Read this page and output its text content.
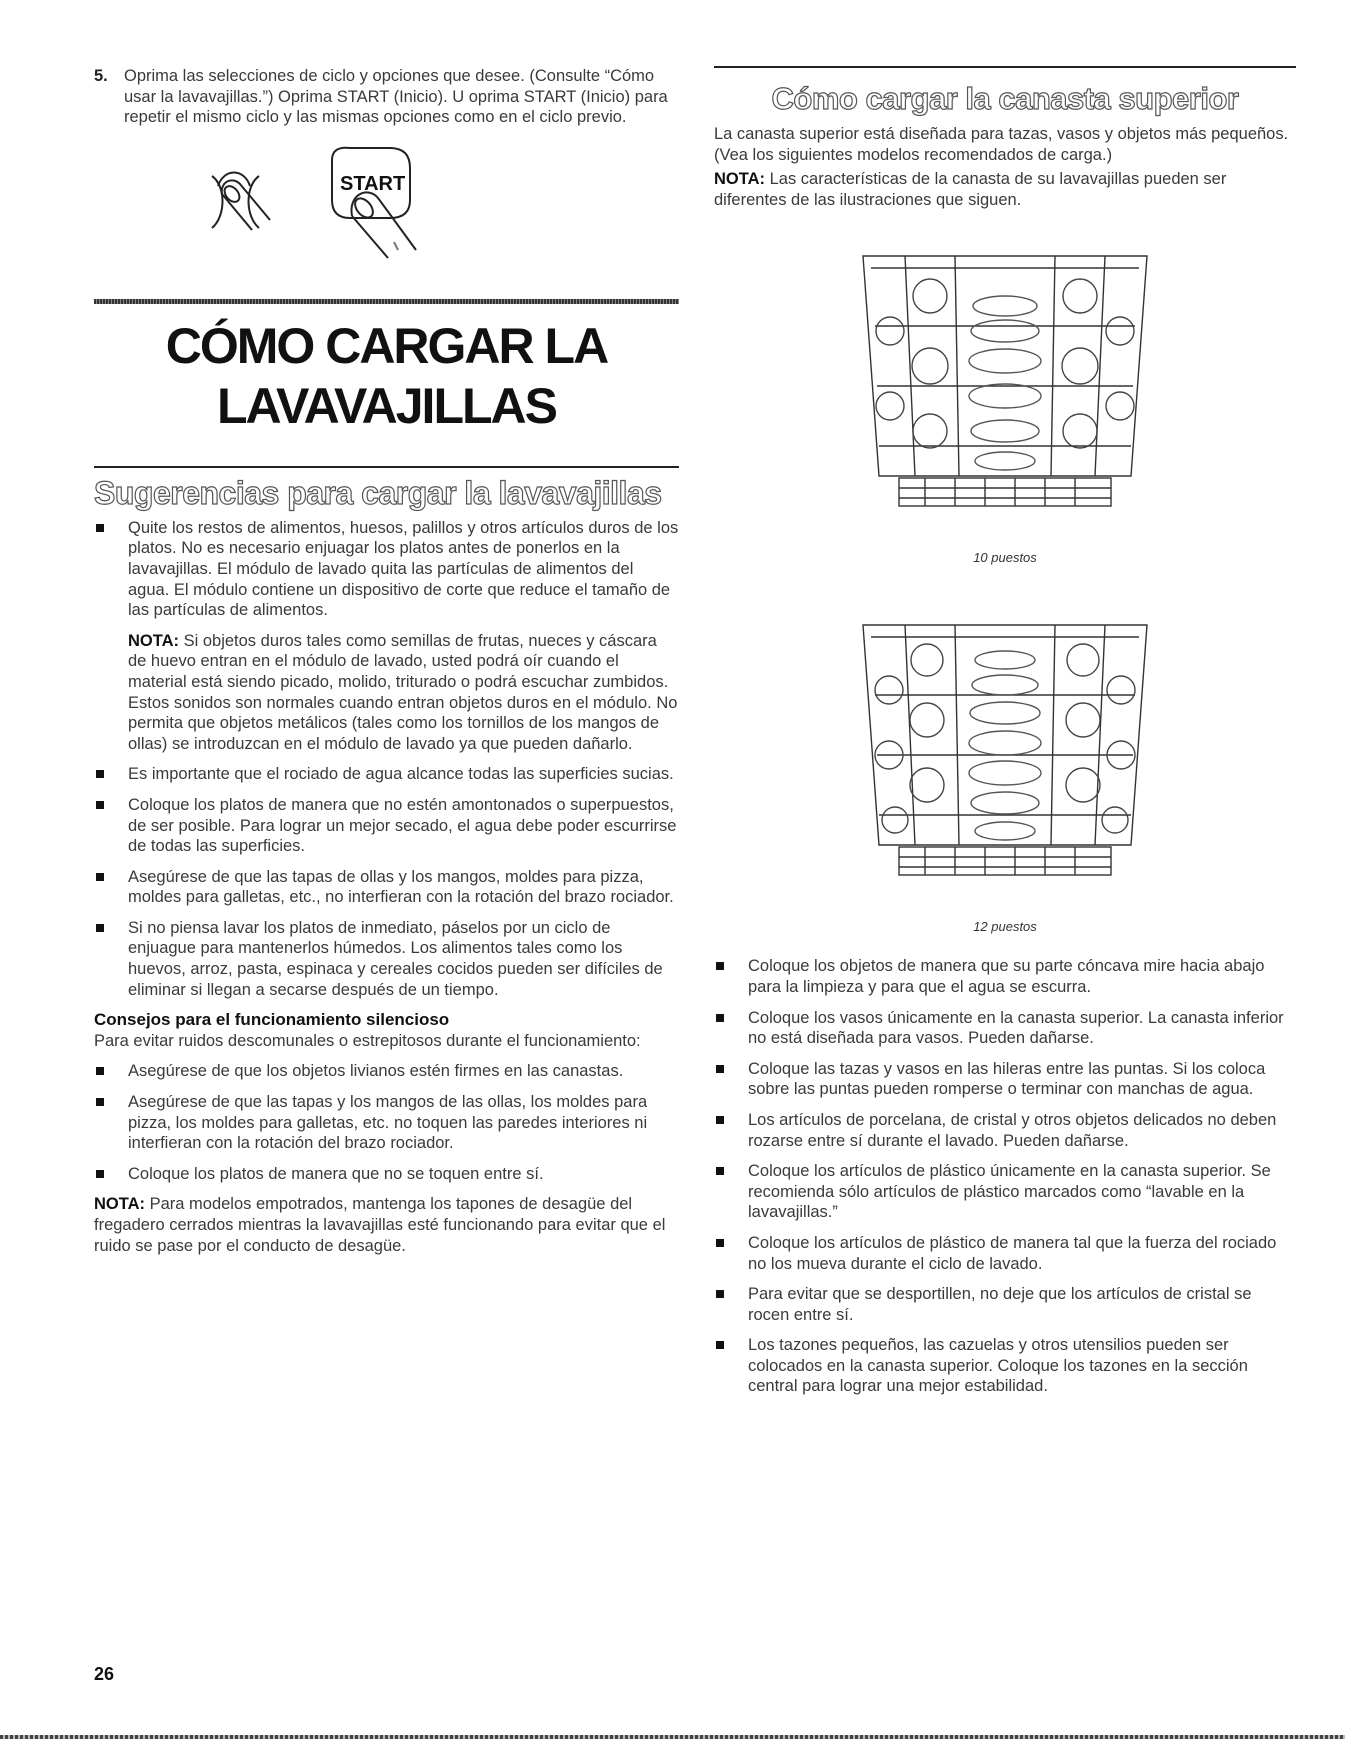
5. Oprima las selecciones de ciclo y opciones que desee. (Consulte “Cómo usar la lavavajillas.”) Oprima START (Inicio). U oprima START (Inicio) para repetir el mismo ciclo y las mismas opciones como en el ciclo previo.

START
CÓMO CARGAR LA
LAVAVAJILLAS
Sugerencias para cargar la lavavajillas
Quite los restos de alimentos, huesos, palillos y otros artículos duros de los platos. No es necesario enjuagar los platos antes de ponerlos en la lavavajillas. El módulo de lavado quita las partículas de alimentos del agua. El módulo contiene un dispositivo de corte que reduce el tamaño de las partículas de alimentos.

NOTA: Si objetos duros tales como semillas de frutas, nueces y cáscara de huevo entran en el módulo de lavado, usted podrá oír cuando el material está siendo picado, molido, triturado o podrá escuchar zumbidos. Estos sonidos son normales cuando entran objetos duros en el módulo. No permita que objetos metálicos (tales como los tornillos de los mangos de ollas) se introduzcan en el módulo de lavado ya que pueden dañarlo.

Es importante que el rociado de agua alcance todas las superficies sucias.
Coloque los platos de manera que no estén amontonados o superpuestos, de ser posible. Para lograr un mejor secado, el agua debe poder escurrirse de todas las superficies.
Asegúrese de que las tapas de ollas y los mangos, moldes para pizza, moldes para galletas, etc., no interfieran con la rotación del brazo rociador.
Si no piensa lavar los platos de inmediato, páselos por un ciclo de enjuague para mantenerlos húmedos. Los alimentos tales como los huevos, arroz, pasta, espinaca y cereales cocidos pueden ser difíciles de eliminar si llegan a secarse después de un tiempo.
Consejos para el funcionamiento silencioso

Para evitar ruidos descomunales o estrepitosos durante el funcionamiento:

Asegúrese de que los objetos livianos estén firmes en las canastas.
Asegúrese de que las tapas y los mangos de las ollas, los moldes para pizza, los moldes para galletas, etc. no toquen las paredes interiores ni interfieran con la rotación del brazo rociador.
Coloque los platos de manera que no se toquen entre sí.

NOTA: Para modelos empotrados, mantenga los tapones de desagüe del fregadero cerrados mientras la lavavajillas esté funcionando para evitar que el ruido se pase por el conducto de desagüe.

Cómo cargar la canasta superior

La canasta superior está diseñada para tazas, vasos y objetos más pequeños. (Vea los siguientes modelos recomendados de carga.)

NOTA: Las características de la canasta de su lavavajillas pueden ser diferentes de las ilustraciones que siguen.

10 puestos
12 puestos
Coloque los objetos de manera que su parte cóncava mire hacia abajo para la limpieza y para que el agua se escurra.
Coloque los vasos únicamente en la canasta superior. La canasta inferior no está diseñada para vasos. Pueden dañarse.
Coloque las tazas y vasos en las hileras entre las puntas. Si los coloca sobre las puntas pueden romperse o terminar con manchas de agua.
Los artículos de porcelana, de cristal y otros objetos delicados no deben rozarse entre sí durante el lavado. Pueden dañarse.
Coloque los artículos de plástico únicamente en la canasta superior. Se recomienda sólo artículos de plástico marcados como “lavable en la lavavajillas.”
Coloque los artículos de plástico de manera tal que la fuerza del rociado no los mueva durante el ciclo de lavado.
Para evitar que se desportillen, no deje que los artículos de cristal se rocen entre sí.
Los tazones pequeños, las cazuelas y otros utensilios pueden ser colocados en la canasta superior. Coloque los tazones en la sección central para lograr una mejor estabilidad.
26
